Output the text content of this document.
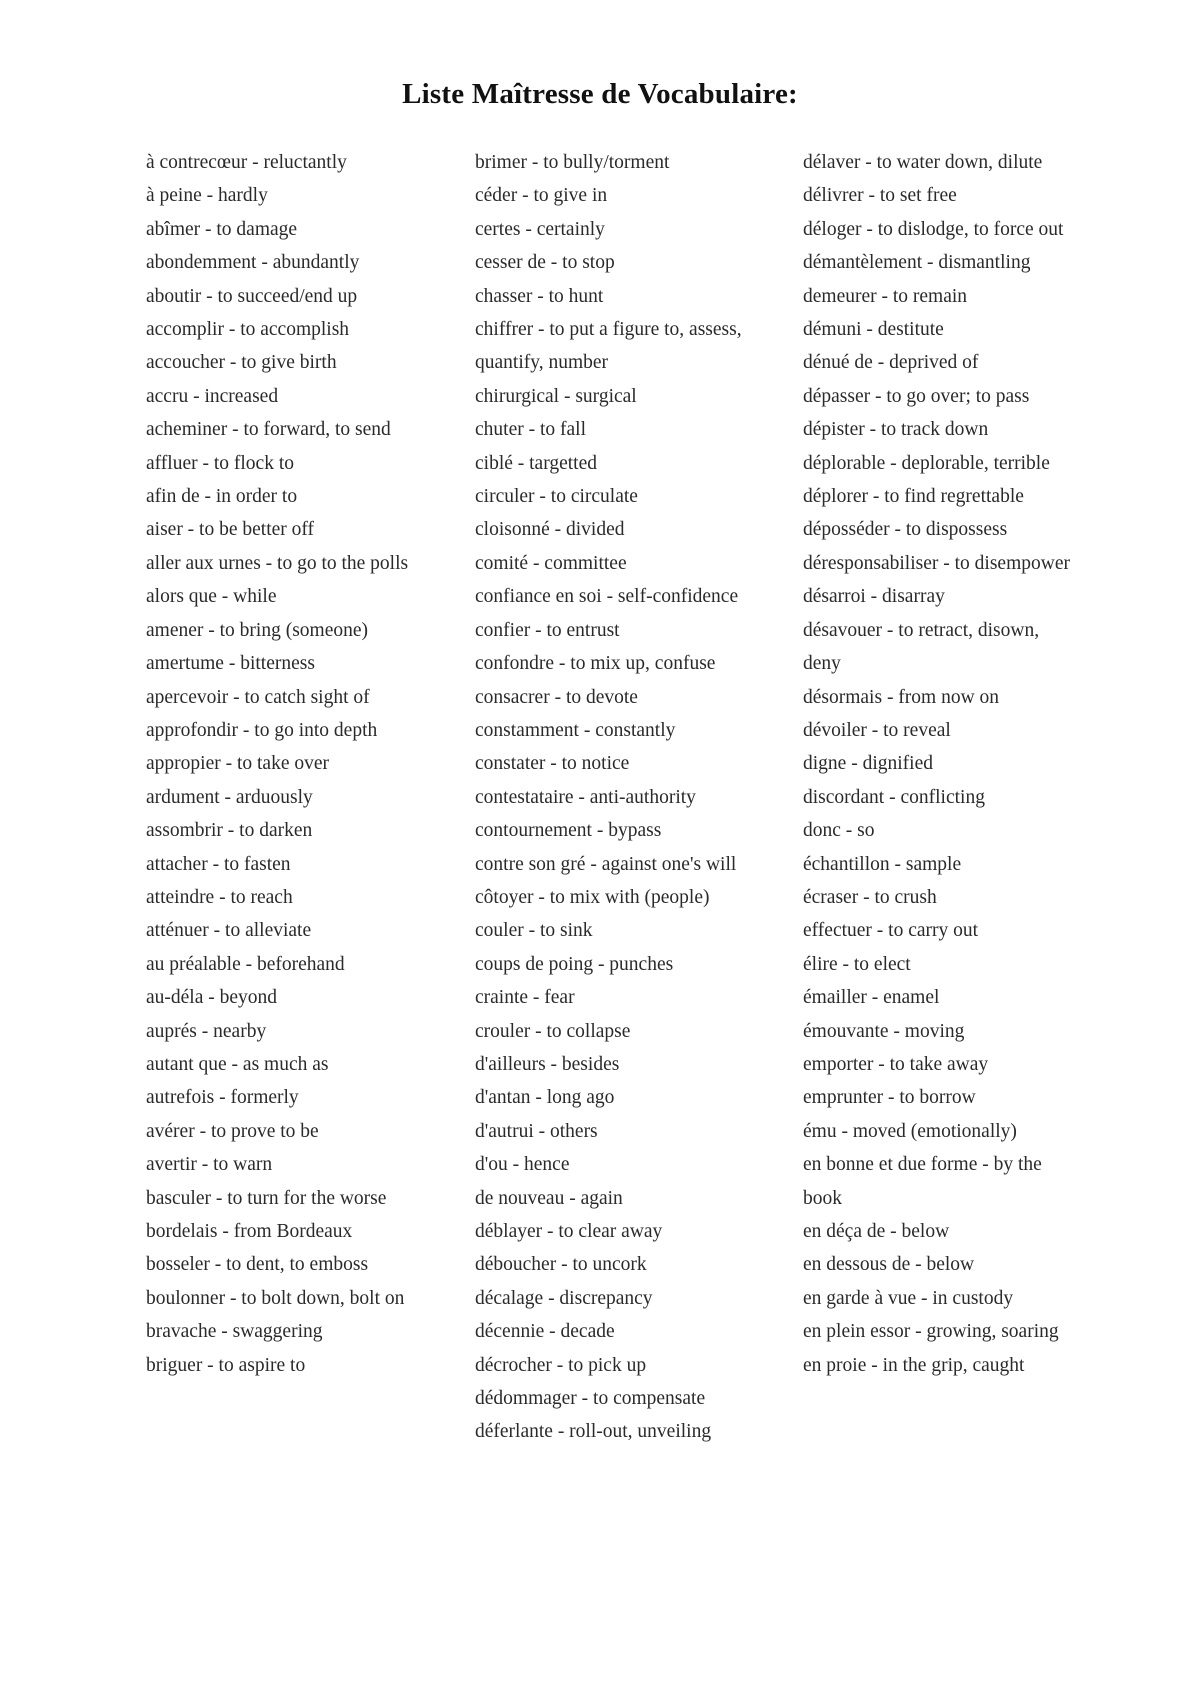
Liste Maîtresse de Vocabulaire:
à contrecœur - reluctantly
à peine - hardly
abîmer - to damage
abondemment - abundantly
aboutir - to succeed/end up
accomplir - to accomplish
accoucher - to give birth
accru - increased
acheminer - to forward, to send
affluer - to flock to
afin de - in order to
aiser - to be better off
aller aux urnes - to go to the polls
alors que - while
amener - to bring (someone)
amertume - bitterness
apercevoir - to catch sight of
approfondir - to go into depth
appropier - to take over
ardument - arduously
assombrir - to darken
attacher - to fasten
atteindre - to reach
atténuer - to alleviate
au préalable - beforehand
au-déla - beyond
auprés - nearby
autant que - as much as
autrefois - formerly
avérer - to prove to be
avertir - to warn
basculer - to turn for the worse
bordelais - from Bordeaux
bosseler - to dent, to emboss
boulonner - to bolt down, bolt on
bravache - swaggering
briguer - to aspire to
brimer - to bully/torment
céder - to give in
certes - certainly
cesser de - to stop
chasser - to hunt
chiffrer - to put a figure to, assess, quantify, number
chirurgical - surgical
chuter - to fall
ciblé - targetted
circuler - to circulate
cloisonné - divided
comité - committee
confiance en soi - self-confidence
confier - to entrust
confondre - to mix up, confuse
consacrer - to devote
constamment - constantly
constater - to notice
contestataire - anti-authority
contournement - bypass
contre son gré - against one's will
côtoyer - to mix with (people)
couler - to sink
coups de poing - punches
crainte - fear
crouler - to collapse
d'ailleurs - besides
d'antan - long ago
d'autrui - others
d'ou - hence
de nouveau - again
déblayer - to clear away
déboucher - to uncork
décalage - discrepancy
décennie - decade
décrocher - to pick up
dédommager - to compensate
déferlante - roll-out, unveiling
délaver - to water down, dilute
délivrer - to set free
déloger - to dislodge, to force out
démantèlement - dismantling
demeurer - to remain
démuni - destitute
dénué de - deprived of
dépasser - to go over; to pass
dépister - to track down
déplorable - deplorable, terrible
déplorer - to find regrettable
déposséder - to dispossess
déresponsabiliser - to disempower
désarroi - disarray
désavouer - to retract, disown, deny
désormais - from now on
dévoiler - to reveal
digne - dignified
discordant - conflicting
donc - so
échantillon - sample
écraser - to crush
effectuer - to carry out
élire - to elect
émailler - enamel
émouvante - moving
emporter - to take away
emprunter - to borrow
ému - moved (emotionally)
en bonne et due forme - by the book
en déça de - below
en dessous de - below
en garde à vue - in custody
en plein essor - growing, soaring
en proie - in the grip, caught
